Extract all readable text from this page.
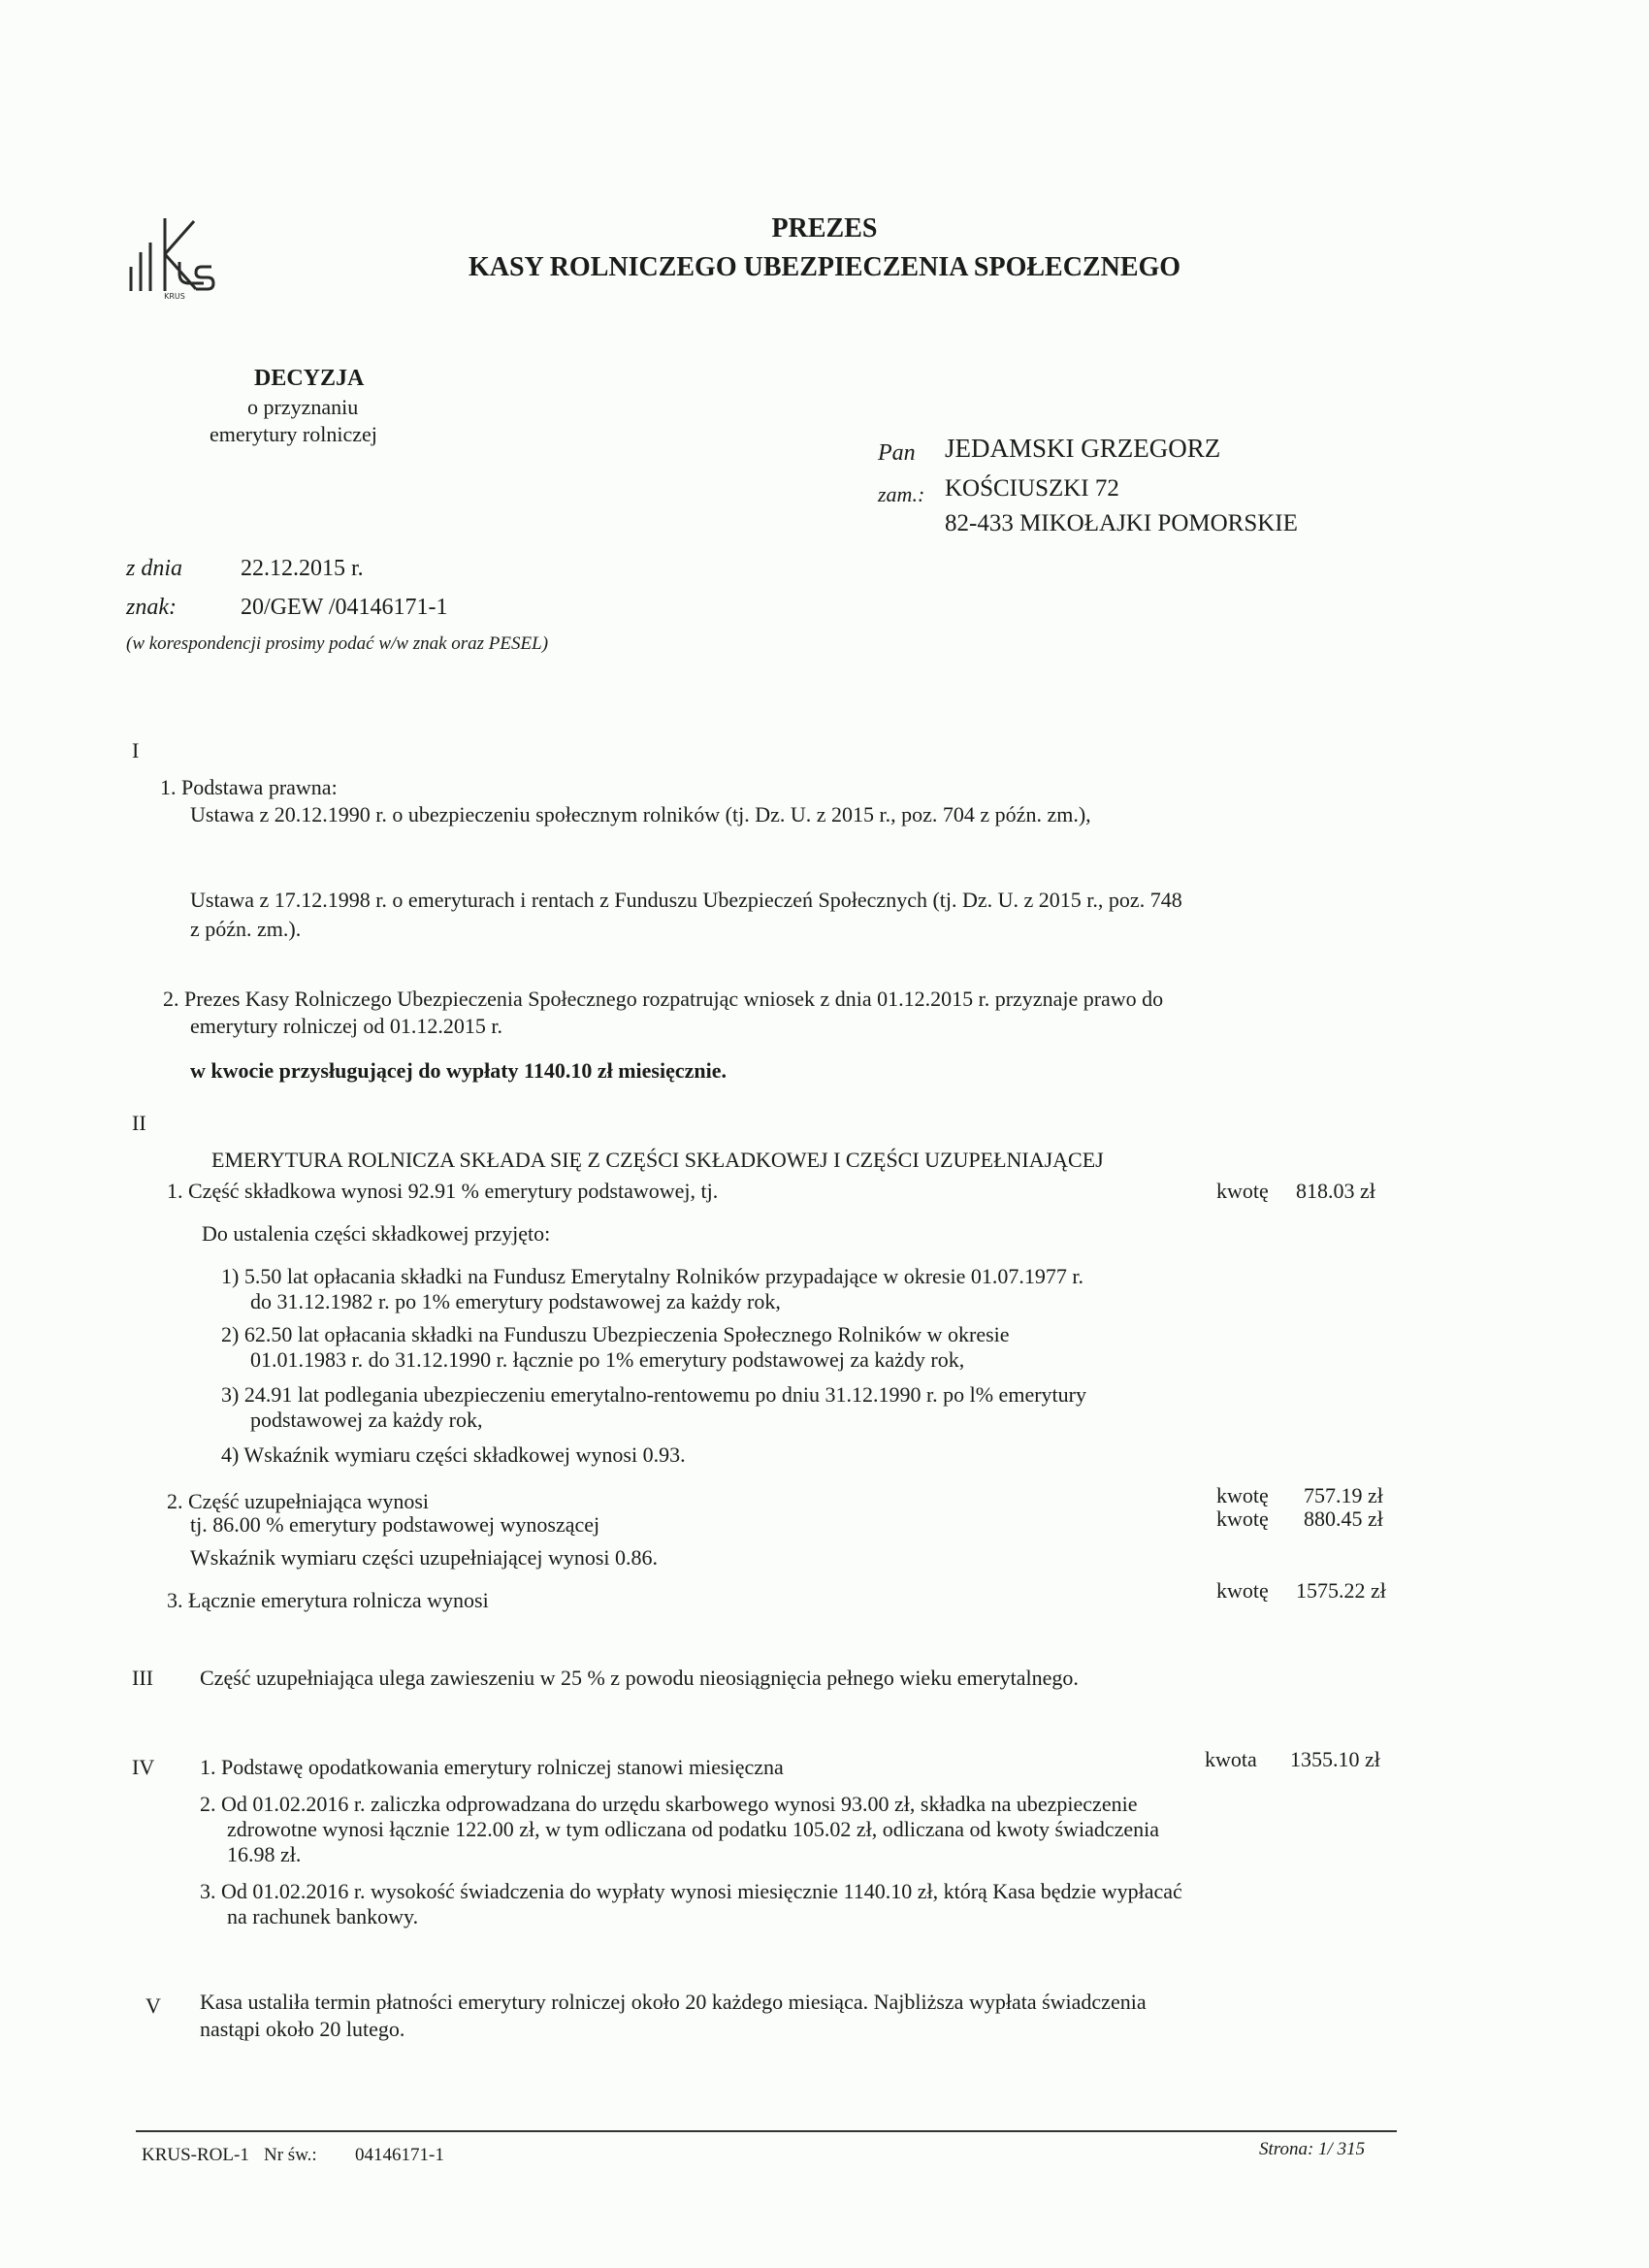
KRUS
PREZES
KASY ROLNICZEGO UBEZPIECZENIA SPOŁECZNEGO
DECYZJA
o przyznaniu
emerytury rolniczej
Pan JEDAMSKI GRZEGORZ
zam.: KOŚCIUSZKI 72
82-433 MIKOŁAJKI POMORSKIE
z dnia 22.12.2015 r.
znak:	20/GEW /04146171-1
(w korespondencji prosimy podać w/w znak oraz PESEL)
I
1. Podstawa prawna:
Ustawa z 20.12.1990 r. o ubezpieczeniu społecznym rolników (tj. Dz. U. z 2015 r., poz. 704 z późn. zm.),
Ustawa z 17.12.1998 r. o emeryturach i rentach z Funduszu Ubezpieczeń Społecznych (tj. Dz. U. z 2015 r., poz. 748
z późn. zm.).
2. Prezes Kasy Rolniczego Ubezpieczenia Społecznego rozpatrując wniosek z dnia 01.12.2015 r. przyznaje prawo do
emerytury rolniczej od 01.12.2015 r.
w kwocie przysługującej do wypłaty 1140.10 zł miesięcznie.
II
EMERYTURA ROLNICZA SKŁADA SIĘ Z CZĘŚCI SKŁADKOWEJ I CZĘŚCI UZUPEŁNIAJĄCEJ
1. Część składkowa wynosi 92.91 % emerytury podstawowej, tj.	kwotę 818.03 zł
Do ustalenia części składkowej przyjęto:
1) 5.50 lat opłacania składki na Fundusz Emerytalny Rolników przypadające w okresie 01.07.1977 r.
do 31.12.1982 r. po 1% emerytury podstawowej za każdy rok,
2) 62.50 lat opłacania składki na Funduszu Ubezpieczenia Społecznego Rolników w okresie
01.01.1983 r. do 31.12.1990 r. łącznie po 1% emerytury podstawowej za każdy rok,
3) 24.91 lat podlegania ubezpieczeniu emerytalno-rentowemu po dniu 31.12.1990 r. po l% emerytury
podstawowej za każdy rok,
4) Wskaźnik wymiaru części składkowej wynosi 0.93.
2. Część uzupełniająca wynosi	kwotę 757.19 zł
tj. 86.00 % emerytury podstawowej wynoszącej	kwotę 880.45 zł
Wskaźnik wymiaru części uzupełniającej wynosi 0.86.
3. Łącznie emerytura rolnicza wynosi	kwotę 1575.22 zł
III Część uzupełniająca ulega zawieszeniu w 25 % z powodu nieosiągnięcia pełnego wieku emerytalnego.
IV 1. Podstawę opodatkowania emerytury rolniczej stanowi miesięczna	kwota 1355.10 zł
2. Od 01.02.2016 r. zaliczka odprowadzana do urzędu skarbowego wynosi 93.00 zł, składka na ubezpieczenie
zdrowotne wynosi łącznie 122.00 zł, w tym odliczana od podatku 105.02 zł, odliczana od kwoty świadczenia
16.98 zł.
3. Od 01.02.2016 r. wysokość świadczenia do wypłaty wynosi miesięcznie 1140.10 zł, którą Kasa będzie wypłacać
na rachunek bankowy.
V Kasa ustaliła termin płatności emerytury rolniczej około 20 każdego miesiąca. Najbliższa wypłata świadczenia
nastąpi około 20 lutego.
KRUS-ROL-1 Nr św.: 04146171-1	Strona: 1/ 315
